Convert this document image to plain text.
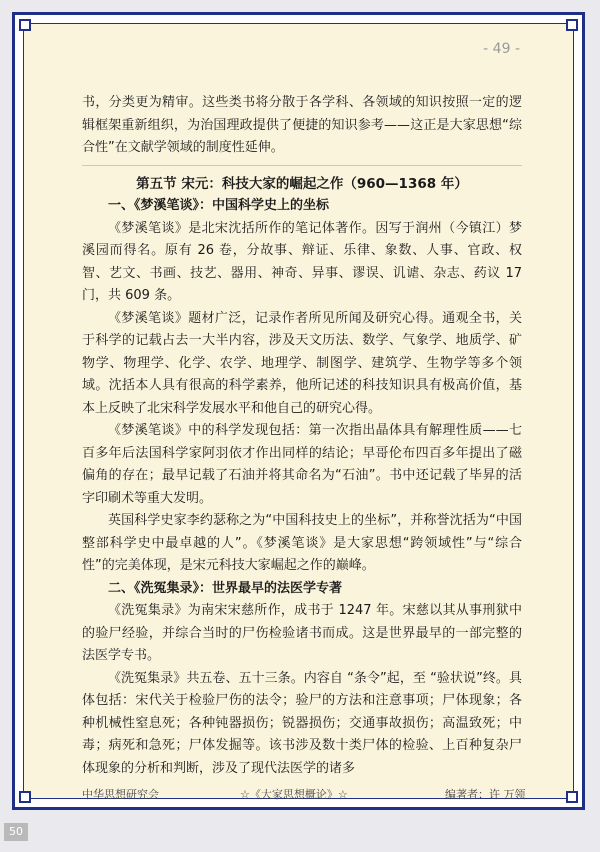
- 49 -

书，分类更为精审。这些类书将分散于各学科、各领域的知识按照一定的逻辑框架重新组织，为治国理政提供了便捷的知识参考——这正是大家思想“综合性”在文献学领域的制度性延伸。

第五节 宋元：科技大家的崛起之作（960—1368 年）

一、《梦溪笔谈》：中国科学史上的坐标

《梦溪笔谈》是北宋沈括所作的笔记体著作。因写于润州（今镇江）梦溪园而得名。原有 26 卷，分故事、辩证、乐律、象数、人事、官政、权智、艺文、书画、技艺、器用、神奇、异事、谬误、讥谑、杂志、药议 17 门，共 609 条。

《梦溪笔谈》题材广泛，记录作者所见所闻及研究心得。通观全书，关于科学的记载占去一大半内容，涉及天文历法、数学、气象学、地质学、矿物学、物理学、化学、农学、地理学、制图学、建筑学、生物学等多个领域。沈括本人具有很高的科学素养，他所记述的科技知识具有极高价值，基本上反映了北宋科学发展水平和他自己的研究心得。

《梦溪笔谈》中的科学发现包括：第一次指出晶体具有解理性质——七百多年后法国科学家阿羽依才作出同样的结论；早哥伦布四百多年提出了磁偏角的存在；最早记载了石油并将其命名为“石油”。书中还记载了毕昇的活字印刷术等重大发明。

英国科学史家李约瑟称之为“中国科技史上的坐标”，并称誉沈括为“中国整部科学史中最卓越的人”。《梦溪笔谈》是大家思想“跨领域性”与“综合性”的完美体现，是宋元科技大家崛起之作的巅峰。

二、《洗冤集录》：世界最早的法医学专著

《洗冤集录》为南宋宋慈所作，成书于 1247 年。宋慈以其从事刑狱中的验尸经验，并综合当时的尸伤检验诸书而成。这是世界最早的一部完整的法医学专书。

《洗冤集录》共五卷、五十三条。内容自 “条令”起，至 “验状说”终。具体包括：宋代关于检验尸伤的法令；验尸的方法和注意事项；尸体现象；各种机械性窒息死；各种钝器损伤；锐器损伤；交通事故损伤；高温致死；中毒；病死和急死；尸体发掘等。该书涉及数十类尸体的检验、上百种复杂尸体现象的分析和判断，涉及了现代法医学的诸多

中华思想研究会	☆《大家思想概论》☆	编著者：许 万领
50
